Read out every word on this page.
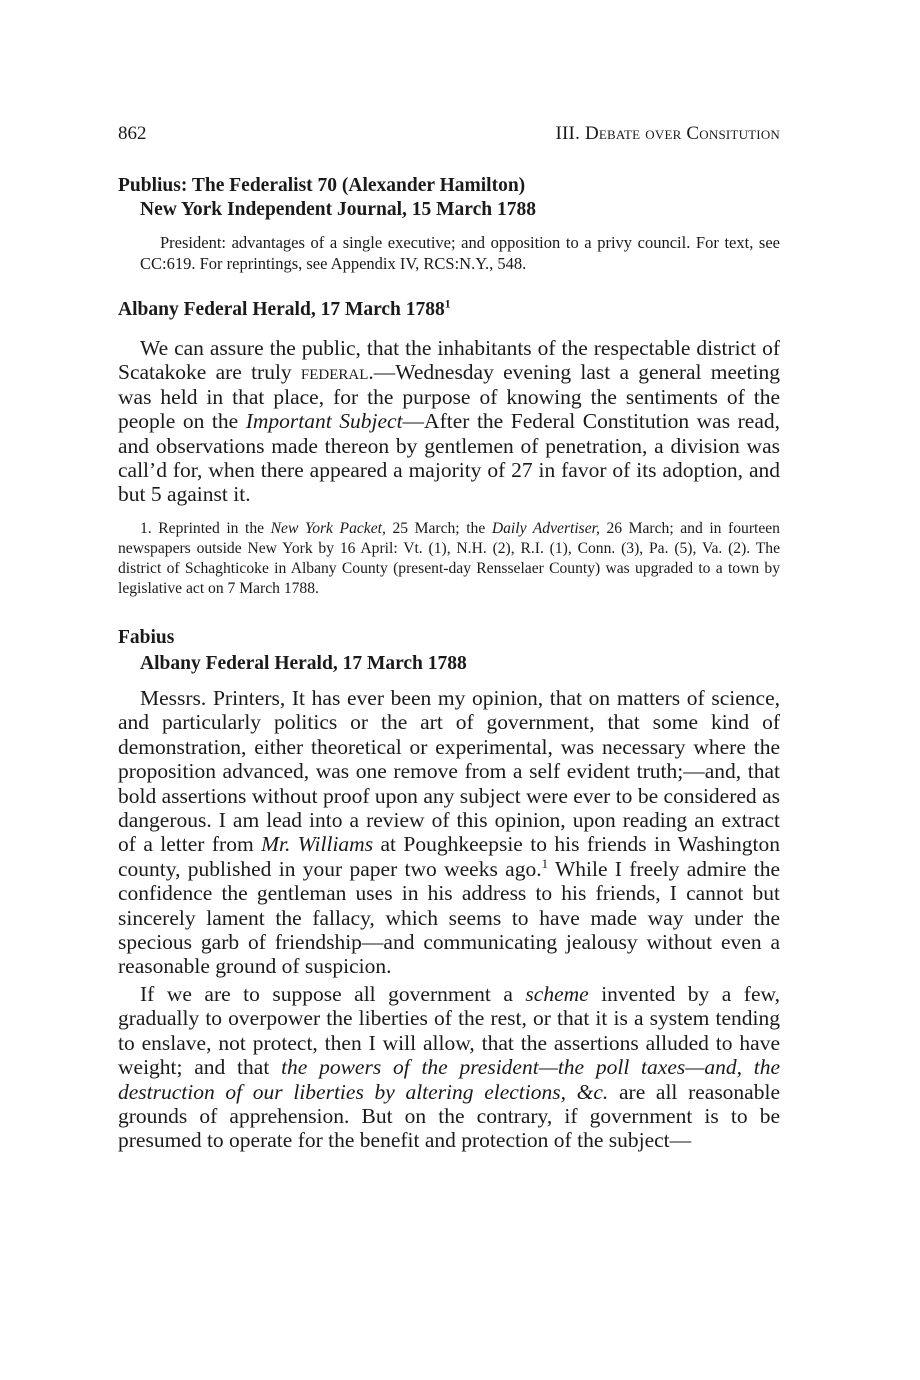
862	III. Debate over Consitution
Publius: The Federalist 70 (Alexander Hamilton)
New York Independent Journal, 15 March 1788
President: advantages of a single executive; and opposition to a privy council. For text, see CC:619. For reprintings, see Appendix IV, RCS:N.Y., 548.
Albany Federal Herald, 17 March 1788$^1$

We can assure the public, that the inhabitants of the respectable district of Scatakoke are truly federal.—Wednesday evening last a general meeting was held in that place, for the purpose of knowing the sentiments of the people on the Important Subject—After the Federal Constitution was read, and observations made thereon by gentlemen of penetration, a division was call’d for, when there appeared a majority of 27 in favor of its adoption, and but 5 against it.

1. Reprinted in the New York Packet, 25 March; the Daily Advertiser, 26 March; and in fourteen newspapers outside New York by 16 April: Vt. (1), N.H. (2), R.I. (1), Conn. (3), Pa. (5), Va. (2). The district of Schaghticoke in Albany County (present-day Rensselaer County) was upgraded to a town by legislative act on 7 March 1788.

Fabius
Albany Federal Herald, 17 March 1788

Messrs. Printers, It has ever been my opinion, that on matters of science, and particularly politics or the art of government, that some kind of demonstration, either theoretical or experimental, was necessary where the proposition advanced, was one remove from a self evident truth;—and, that bold assertions without proof upon any subject were ever to be considered as dangerous. I am lead into a review of this opinion, upon reading an extract of a letter from Mr. Williams at Poughkeepsie to his friends in Washington county, published in your paper two weeks ago.$^1$ While I freely admire the confidence the gentleman uses in his address to his friends, I cannot but sincerely lament the fallacy, which seems to have made way under the specious garb of friendship—and communicating jealousy without even a reasonable ground of suspicion.

If we are to suppose all government a scheme invented by a few, gradually to overpower the liberties of the rest, or that it is a system tending to enslave, not protect, then I will allow, that the assertions alluded to have weight; and that the powers of the president—the poll taxes—and, the destruction of our liberties by altering elections, &c. are all reasonable grounds of apprehension. But on the contrary, if government is to be presumed to operate for the benefit and protection of the subject—
